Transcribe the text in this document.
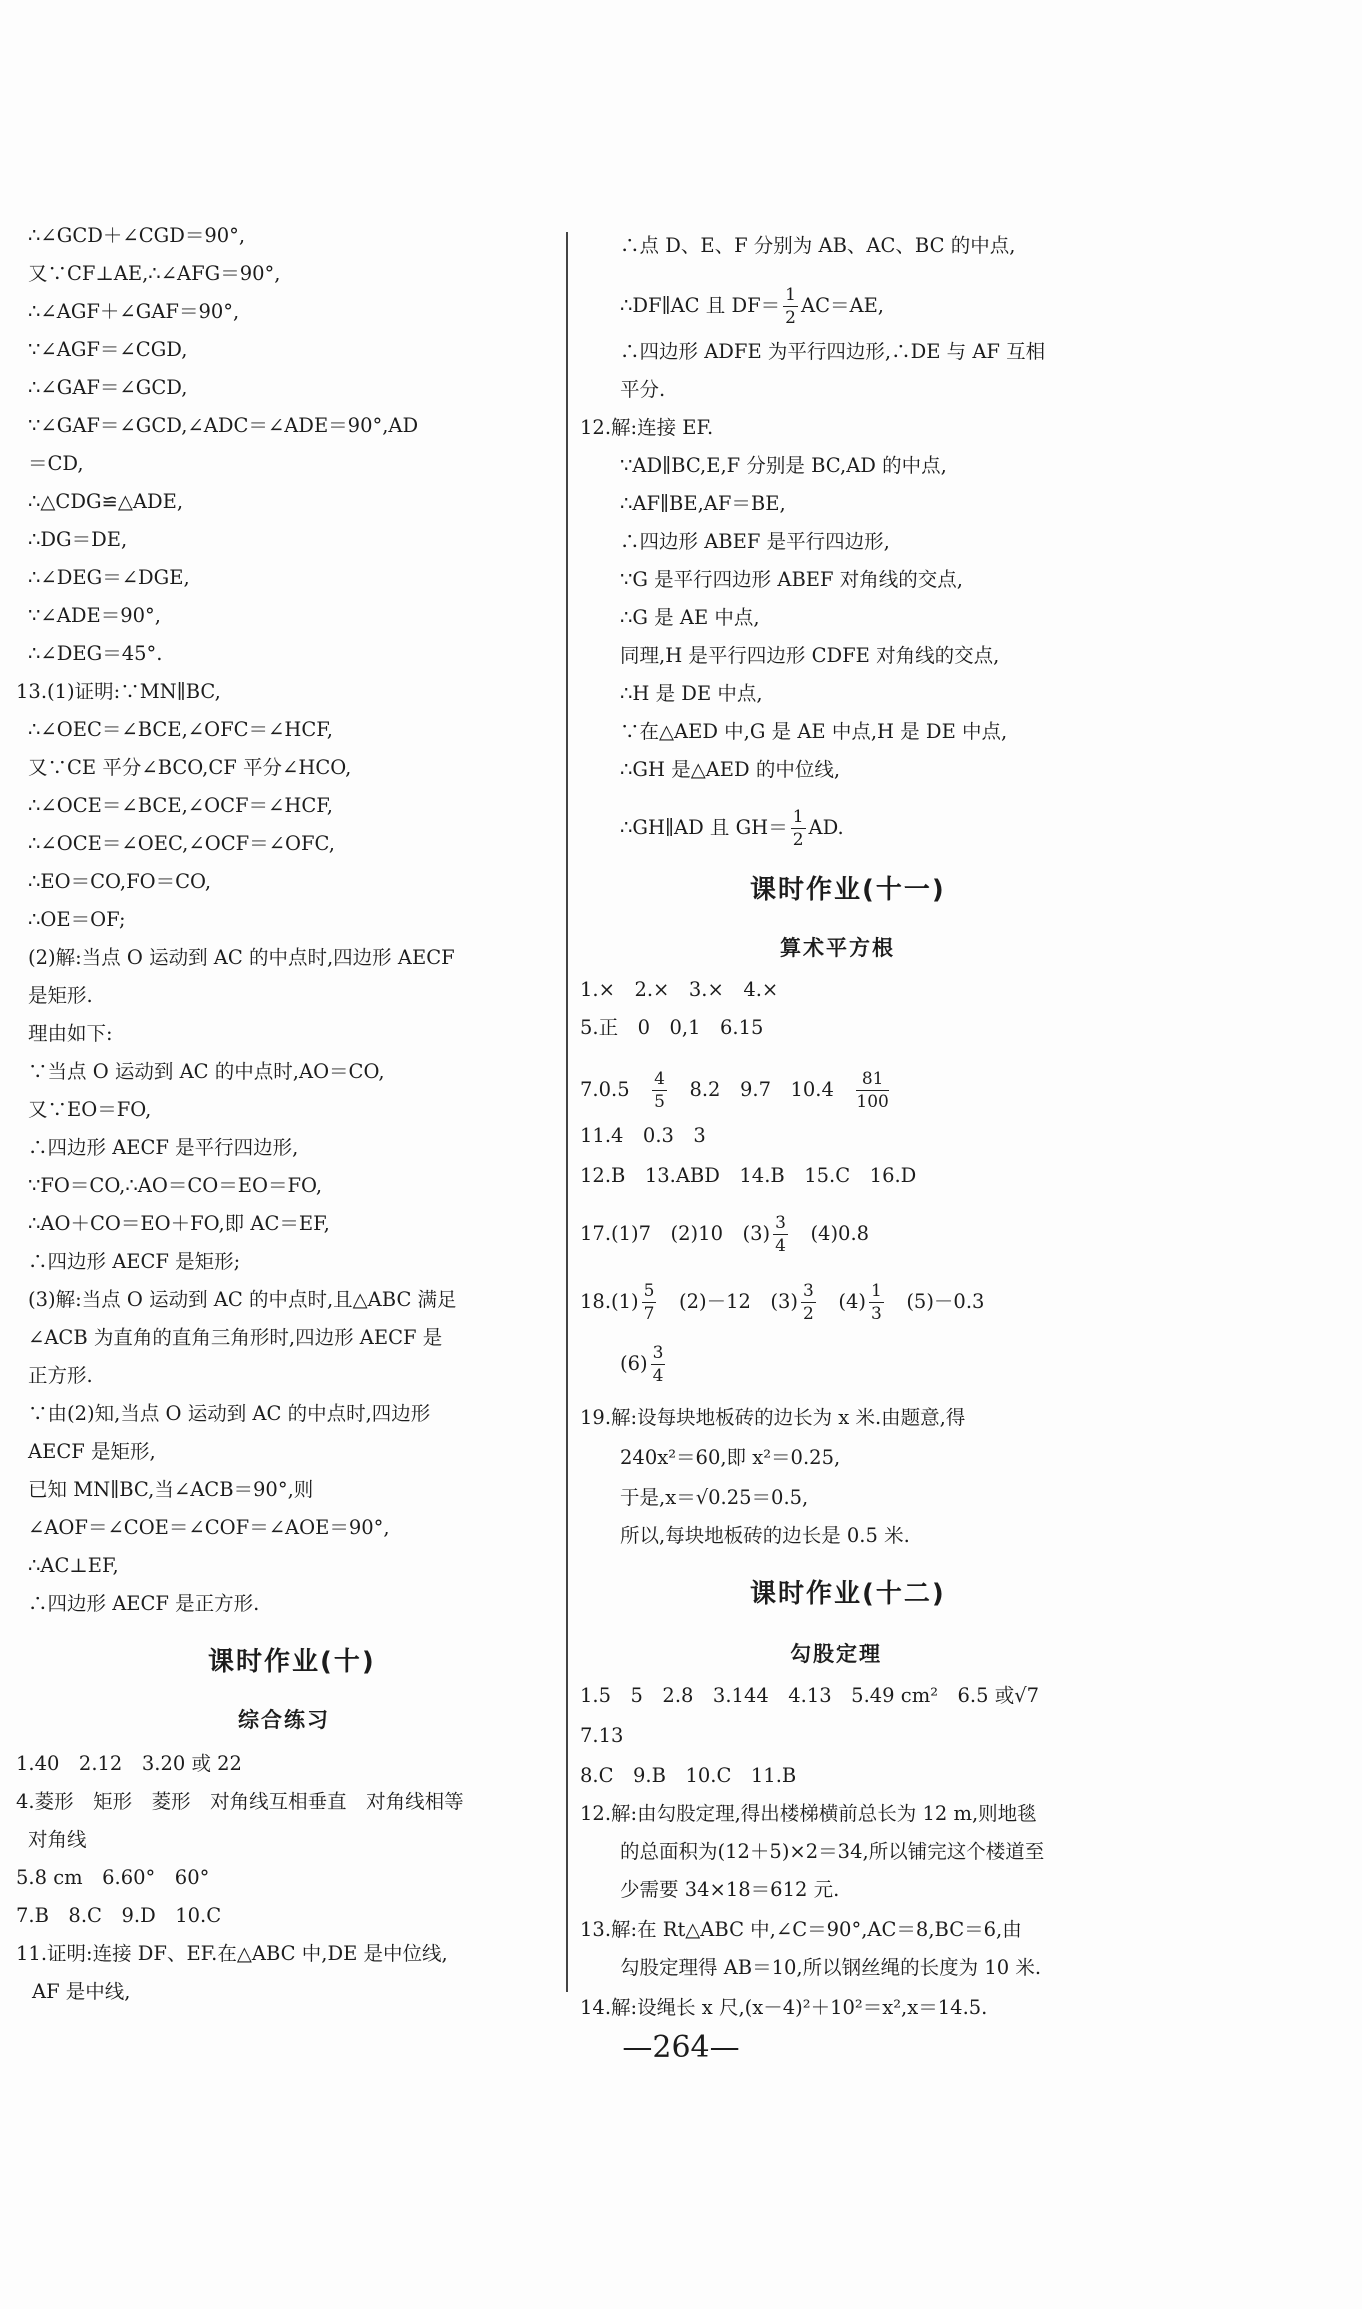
∴∠GCD＋∠CGD＝90°,
又∵CF⊥AE,∴∠AFG＝90°,
∴∠AGF＋∠GAF＝90°,
∵∠AGF＝∠CGD,
∴∠GAF＝∠GCD,
∵∠GAF＝∠GCD,∠ADC＝∠ADE＝90°,AD
＝CD,
∴△CDG≌△ADE,
∴DG＝DE,
∴∠DEG＝∠DGE,
∵∠ADE＝90°,
∴∠DEG＝45°.
13.(1)证明:∵MN∥BC,
∴∠OEC＝∠BCE,∠OFC＝∠HCF,
又∵CE 平分∠BCO,CF 平分∠HCO,
∴∠OCE＝∠BCE,∠OCF＝∠HCF,
∴∠OCE＝∠OEC,∠OCF＝∠OFC,
∴EO＝CO,FO＝CO,
∴OE＝OF;
(2)解:当点 O 运动到 AC 的中点时,四边形 AECF
是矩形.
理由如下:
∵当点 O 运动到 AC 的中点时,AO＝CO,
又∵EO＝FO,
∴四边形 AECF 是平行四边形,
∵FO＝CO,∴AO＝CO＝EO＝FO,
∴AO＋CO＝EO＋FO,即 AC＝EF,
∴四边形 AECF 是矩形;
(3)解:当点 O 运动到 AC 的中点时,且△ABC 满足
∠ACB 为直角的直角三角形时,四边形 AECF 是
正方形.
∵由(2)知,当点 O 运动到 AC 的中点时,四边形
AECF 是矩形,
已知 MN∥BC,当∠ACB＝90°,则
∠AOF＝∠COE＝∠COF＝∠AOE＝90°,
∴AC⊥EF,
∴四边形 AECF 是正方形.
课时作业(十)
综合练习
1.40　2.12　3.20 或 22
4.菱形　矩形　菱形　对角线互相垂直　对角线相等
对角线
5.8 cm　6.60°　60°
7.B　8.C　9.D　10.C
11.证明:连接 DF、EF.在△ABC 中,DE 是中位线,
AF 是中线,
∴点 D、E、F 分别为 AB、AC、BC 的中点,
∴DF∥AC 且 $DF= \frac{1}{2} AC=AE$,
∴四边形 ADFE 为平行四边形,∴DE 与 AF 互相
平分.
12.解:连接 EF.
∵AD∥BC,E,F 分别是 BC,AD 的中点,
∴AF∥BE,AF＝BE,
∴四边形 ABEF 是平行四边形,
∵G 是平行四边形 ABEF 对角线的交点,
∴G 是 AE 中点,
同理,H 是平行四边形 CDFE 对角线的交点,
∴H 是 DE 中点,
∵在△AED 中,G 是 AE 中点,H 是 DE 中点,
∴GH 是△AED 的中位线,
∴GH∥AD 且 $GH= \frac{1}{2}$ AD.
课时作业(十一)
算术平方根
1.×　2.×　3.×　4.×
5.正　0　0,1　6.15
7.0.5　 $\frac{4}{5}$ 　8.2　9.7　10.4　 $\frac{81}{100}$
11.4　0.3　3
12.B　13.ABD　14.B　15.C　16.D
17.(1)7　(2)10　$(3) \frac{3}{4}$ 　(4)0.8
$18.(1) \frac{5}{7}$ 　(2)－12　$(3) \frac{3}{2}$ 　$(4) \frac{1}{3}$ 　(5)－0.3
$(6) \frac{3}{4}$
19.解:设每块地板砖的边长为 x 米.由题意,得
240x²＝60,即 x²＝0.25,
于是,x＝√0.25＝0.5,
所以,每块地板砖的边长是 0.5 米.
课时作业(十二)
勾股定理
1.5　5　2.8　3.144　4.13　5.49 cm²　6.5 或√7
7.13
8.C　9.B　10.C　11.B
12.解:由勾股定理,得出楼梯横前总长为 12 m,则地毯
的总面积为(12＋5)×2＝34,所以铺完这个楼道至
少需要 34×18＝612 元.
13.解:在 Rt△ABC 中,∠C＝90°,AC＝8,BC＝6,由
勾股定理得 AB＝10,所以钢丝绳的长度为 10 米.
14.解:设绳长 x 尺,(x－4)²＋10²＝x²,x＝14.5.
—264—
